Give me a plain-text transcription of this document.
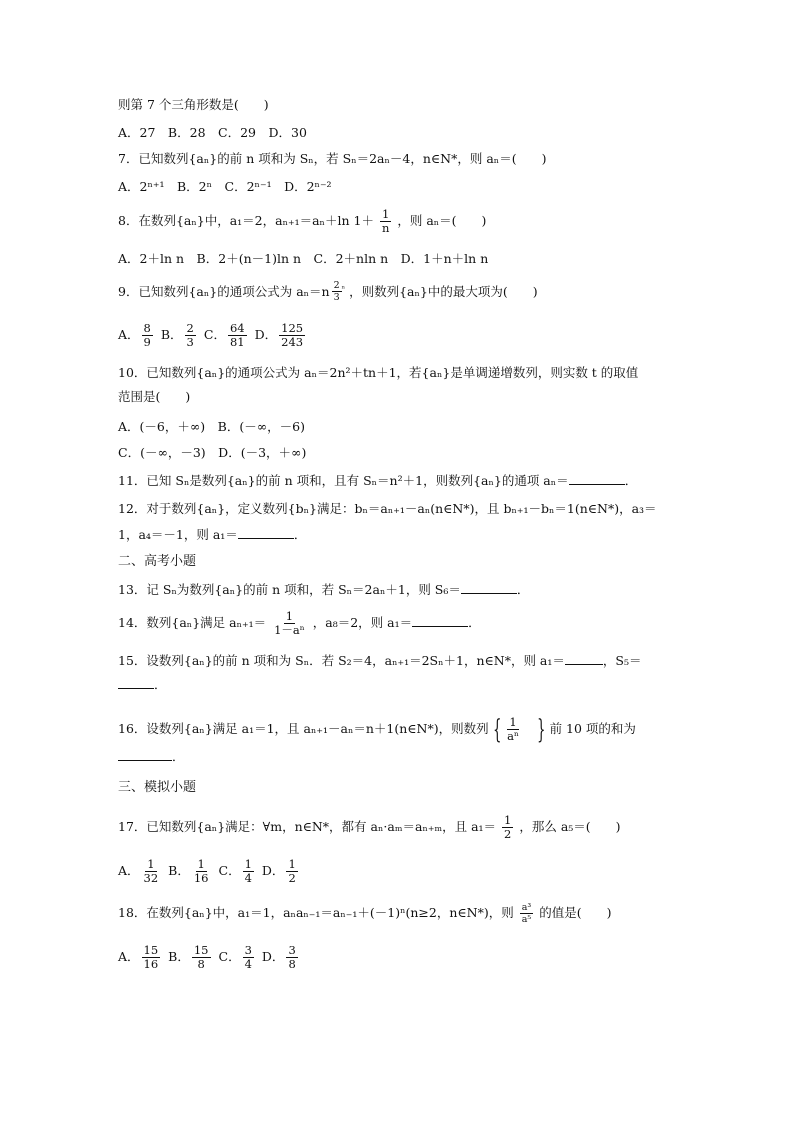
则第 7 个三角形数是(　　)
A．27　B．28　C．29　D．30
7．已知数列{aₙ}的前 n 项和为 Sₙ，若 Sₙ＝2aₙ－4，n∈N*，则 aₙ＝(　　)
A．2ⁿ⁺¹　B．2ⁿ　C．2ⁿ⁻¹　D．2ⁿ⁻²
8．在数列{aₙ}中，a₁＝2，aₙ₊₁＝aₙ＋ln $1+ \frac{1}{n}$ ，则 aₙ＝(　　)
A．2＋ln n　B．2＋(n－1)ln n　C．2＋nln n　D．1＋n＋ln n
9．已知数列{aₙ}的通项公式为 $a_n=n \frac{2}{3} ^{^n}$ ，则数列{aₙ}中的最大项为(　　)
A． $\frac{8}{9}$ B． $\frac{2}{3}$ C． $\frac{64}{81}$ D． $\frac{125}{243}$
10．已知数列{aₙ}的通项公式为 aₙ＝2n²＋tn＋1，若{aₙ}是单调递增数列，则实数 t 的取值
范围是(　　)
A．(－6，＋∞)　B．(－∞，－6)
C．(－∞，－3)　D．(－3，＋∞)
11．已知 Sₙ是数列{aₙ}的前 n 项和，且有 Sₙ＝n²＋1，则数列{aₙ}的通项 aₙ＝	．
12．对于数列{aₙ}，定义数列{bₙ}满足：bₙ＝aₙ₊₁－aₙ(n∈N*)，且 bₙ₊₁－bₙ＝1(n∈N*)，a₃＝
1，a₄＝－1，则 a₁＝	．
二、高考小题
13．记 Sₙ为数列{aₙ}的前 n 项和，若 Sₙ＝2aₙ＋1，则 S₆＝	．
14．数列{aₙ}满足 $a_{n+1}= \frac{1}{\text{1－aⁿ}}$ ，a₈＝2，则 a₁＝	．
15．设数列{aₙ}的前 n 项和为 Sₙ．若 S₂＝4，aₙ₊₁＝2Sₙ＋1，n∈N*，则 a₁＝	，S₅＝
．
16．设数列{aₙ}满足 a₁＝1，且 aₙ₊₁－aₙ＝n＋1(n∈N*)，则数列 { $\frac{1}{\text{aⁿ}}$ } 前 10 项的和为
．
三、模拟小题
17．已知数列{aₙ}满足：∀m，n∈N*，都有 aₙ·aₘ＝aₙ₊ₘ，且 $a_1= \frac{1}{2}$ ，那么 a₅＝(　　)
A． $\frac{1}{32}$ B． $\frac{1}{16}$ C． $\frac{1}{4}$ D． $\frac{1}{2}$
18．在数列{aₙ}中，a₁＝1，aₙaₙ₋₁＝aₙ₋₁＋(－1)ⁿ(n≥2，n∈N*)，则 $\frac{\text{a³}}{\text{a⁵}}$ 的值是(　　)
A． $\frac{15}{16}$ B． $\frac{15}{8}$ C． $\frac{3}{4}$ D． $\frac{3}{8}$
